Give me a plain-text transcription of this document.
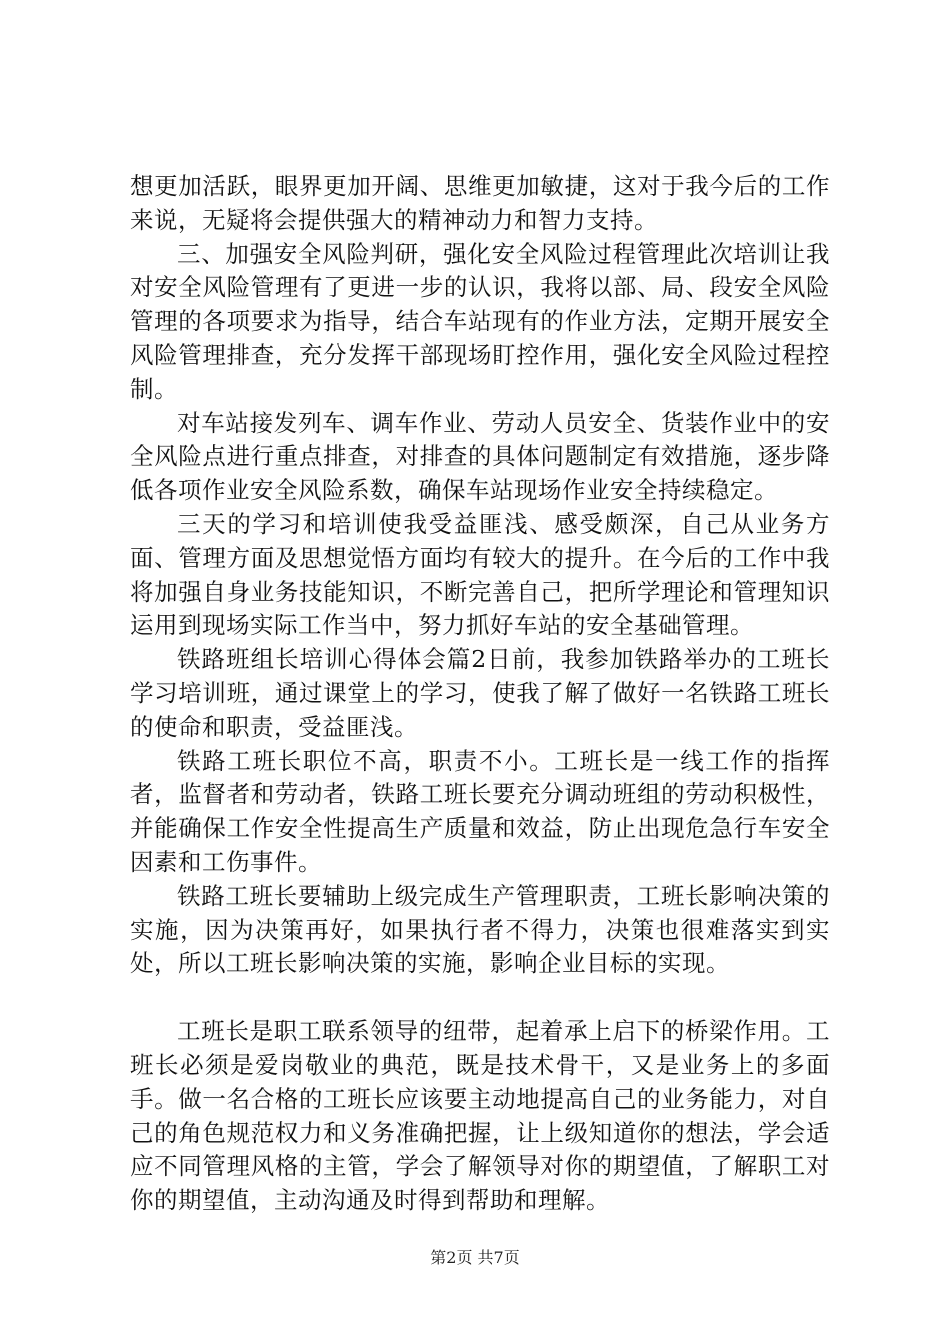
想更加活跃，眼界更加开阔、思维更加敏捷，这对于我今后的工作来说，无疑将会提供强大的精神动力和智力支持。

三、加强安全风险判研，强化安全风险过程管理此次培训让我对安全风险管理有了更进一步的认识，我将以部、局、段安全风险管理的各项要求为指导，结合车站现有的作业方法，定期开展安全风险管理排查，充分发挥干部现场盯控作用，强化安全风险过程控制。

对车站接发列车、调车作业、劳动人员安全、货装作业中的安全风险点进行重点排查，对排查的具体问题制定有效措施，逐步降低各项作业安全风险系数，确保车站现场作业安全持续稳定。

三天的学习和培训使我受益匪浅、感受颇深，自己从业务方面、管理方面及思想觉悟方面均有较大的提升。在今后的工作中我将加强自身业务技能知识，不断完善自己，把所学理论和管理知识运用到现场实际工作当中，努力抓好车站的安全基础管理。

铁路班组长培训心得体会篇2日前，我参加铁路举办的工班长学习培训班，通过课堂上的学习，使我了解了做好一名铁路工班长的使命和职责，受益匪浅。

铁路工班长职位不高，职责不小。工班长是一线工作的指挥者，监督者和劳动者，铁路工班长要充分调动班组的劳动积极性，并能确保工作安全性提高生产质量和效益，防止出现危急行车安全因素和工伤事件。

铁路工班长要辅助上级完成生产管理职责，工班长影响决策的实施，因为决策再好，如果执行者不得力，决策也很难落实到实处，所以工班长影响决策的实施，影响企业目标的实现。

工班长是职工联系领导的纽带，起着承上启下的桥梁作用。工班长必须是爱岗敬业的典范，既是技术骨干，又是业务上的多面手。做一名合格的工班长应该要主动地提高自己的业务能力，对自己的角色规范权力和义务准确把握，让上级知道你的想法，学会适应不同管理风格的主管，学会了解领导对你的期望值，了解职工对你的期望值，主动沟通及时得到帮助和理解。

第2页 共7页
